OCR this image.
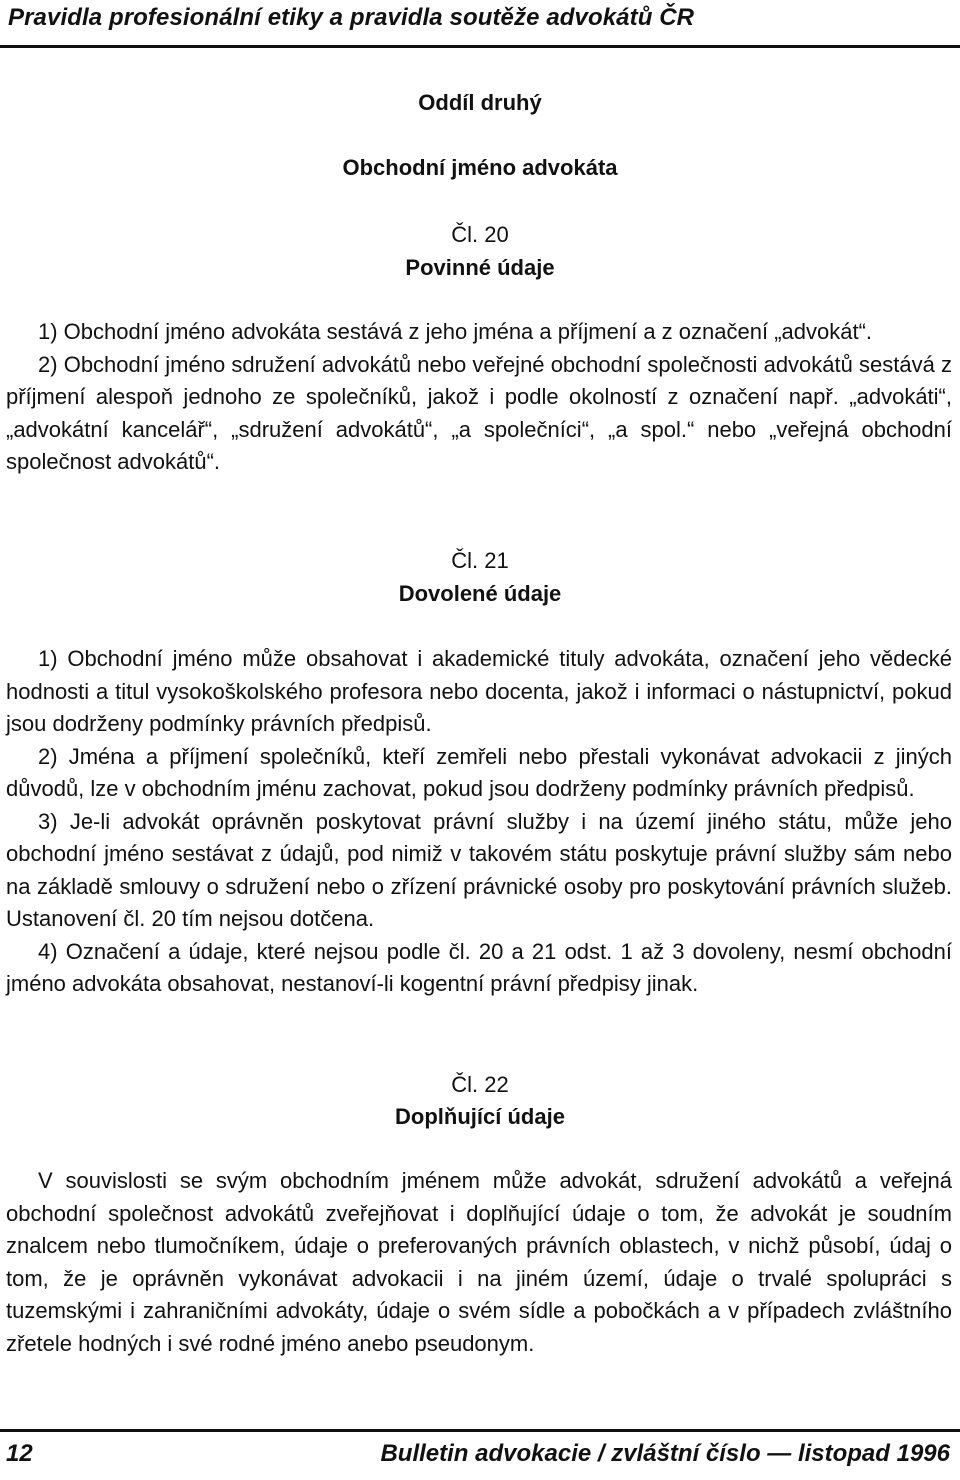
Pravidla profesionální etiky a pravidla soutěže advokátů ČR
Oddíl druhý
Obchodní jméno advokáta
Čl. 20
Povinné údaje

1) Obchodní jméno advokáta sestává z jeho jména a příjmení a z označení „advokát“.

2) Obchodní jméno sdružení advokátů nebo veřejné obchodní společnosti advokátů sestává z příjmení alespoň jednoho ze společníků, jakož i podle okolností z označení např. „advokáti“, „advokátní kancelář“, „sdružení advokátů“, „a společníci“, „a spol.“ nebo „veřejná obchodní společnost advokátů“.

Čl. 21
Dovolené údaje

1) Obchodní jméno může obsahovat i akademické tituly advokáta, označení jeho vědecké hodnosti a titul vysokoškolského profesora nebo docenta, jakož i informaci o nástupnictví, pokud jsou dodrženy podmínky právních předpisů.

2) Jména a příjmení společníků, kteří zemřeli nebo přestali vykonávat advokacii z jiných důvodů, lze v obchodním jménu zachovat, pokud jsou dodrženy podmínky právních předpisů.

3) Je-li advokát oprávněn poskytovat právní služby i na území jiného státu, může jeho obchodní jméno sestávat z údajů, pod nimiž v takovém státu poskytuje právní služby sám nebo na základě smlouvy o sdružení nebo o zřízení právnické osoby pro poskytování právních služeb. Ustanovení čl. 20 tím nejsou dotčena.

4) Označení a údaje, které nejsou podle čl. 20 a 21 odst. 1 až 3 dovoleny, nesmí obchodní jméno advokáta obsahovat, nestanoví-li kogentní právní předpisy jinak.

Čl. 22
Doplňující údaje

V souvislosti se svým obchodním jménem může advokát, sdružení advokátů a veřejná obchodní společnost advokátů zveřejňovat i doplňující údaje o tom, že advokát je soudním znalcem nebo tlumočníkem, údaje o preferovaných právních oblastech, v nichž působí, údaj o tom, že je oprávněn vykonávat advokacii i na jiném území, údaje o trvalé spolupráci s tuzemskými i zahraničními advokáty, údaje o svém sídle a pobočkách a v případech zvláštního zřetele hodných i své rodné jméno anebo pseudonym.

12	Bulletin advokacie / zvláštní číslo — listopad 1996
